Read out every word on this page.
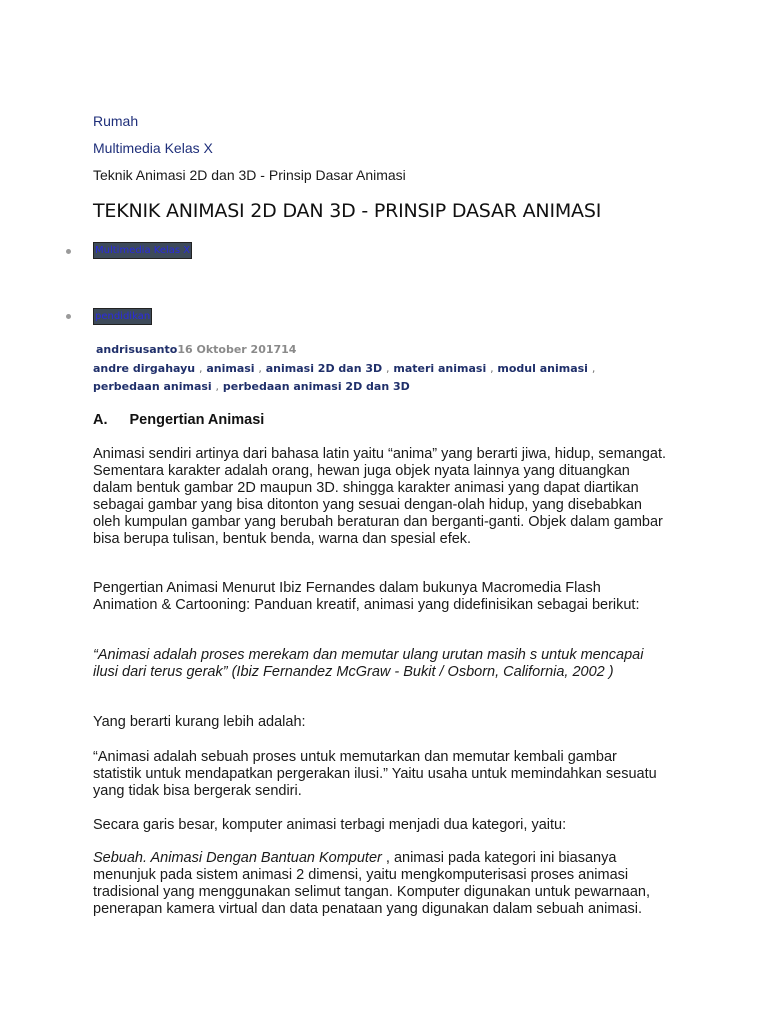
Rumah
Multimedia Kelas X
Teknik Animasi 2D dan 3D - Prinsip Dasar Animasi
TEKNIK ANIMASI 2D DAN 3D - PRINSIP DASAR ANIMASI
Multimedia Kelas X
pendidikan
andrisusanto16 Oktober 201714
andre dirgahayu , animasi , animasi 2D dan 3D , materi animasi , modul animasi , perbedaan animasi , perbedaan animasi 2D dan 3D
A. Pengertian Animasi

Animasi sendiri artinya dari bahasa latin yaitu “anima” yang berarti jiwa, hidup, semangat. Sementara karakter adalah orang, hewan juga objek nyata lainnya yang dituangkan dalam bentuk gambar 2D maupun 3D. shingga karakter animasi yang dapat diartikan sebagai gambar yang bisa ditonton yang sesuai dengan-olah hidup, yang disebabkan oleh kumpulan gambar yang berubah beraturan dan berganti-ganti. Objek dalam gambar bisa berupa tulisan, bentuk benda, warna dan spesial efek.

Pengertian Animasi Menurut Ibiz Fernandes dalam bukunya Macromedia Flash Animation & Cartooning: Panduan kreatif, animasi yang didefinisikan sebagai berikut:

“Animasi adalah proses merekam dan memutar ulang urutan masih s untuk mencapai ilusi dari terus gerak” (Ibiz Fernandez McGraw - Bukit / Osborn, California, 2002 )

Yang berarti kurang lebih adalah:

“Animasi adalah sebuah proses untuk memutarkan dan memutar kembali gambar statistik untuk mendapatkan pergerakan ilusi.” Yaitu usaha untuk memindahkan sesuatu yang tidak bisa bergerak sendiri.

Secara garis besar, komputer animasi terbagi menjadi dua kategori, yaitu:

Sebuah. Animasi Dengan Bantuan Komputer , animasi pada kategori ini biasanya menunjuk pada sistem animasi 2 dimensi, yaitu mengkomputerisasi proses animasi tradisional yang menggunakan selimut tangan. Komputer digunakan untuk pewarnaan, penerapan kamera virtual dan data penataan yang digunakan dalam sebuah animasi.
